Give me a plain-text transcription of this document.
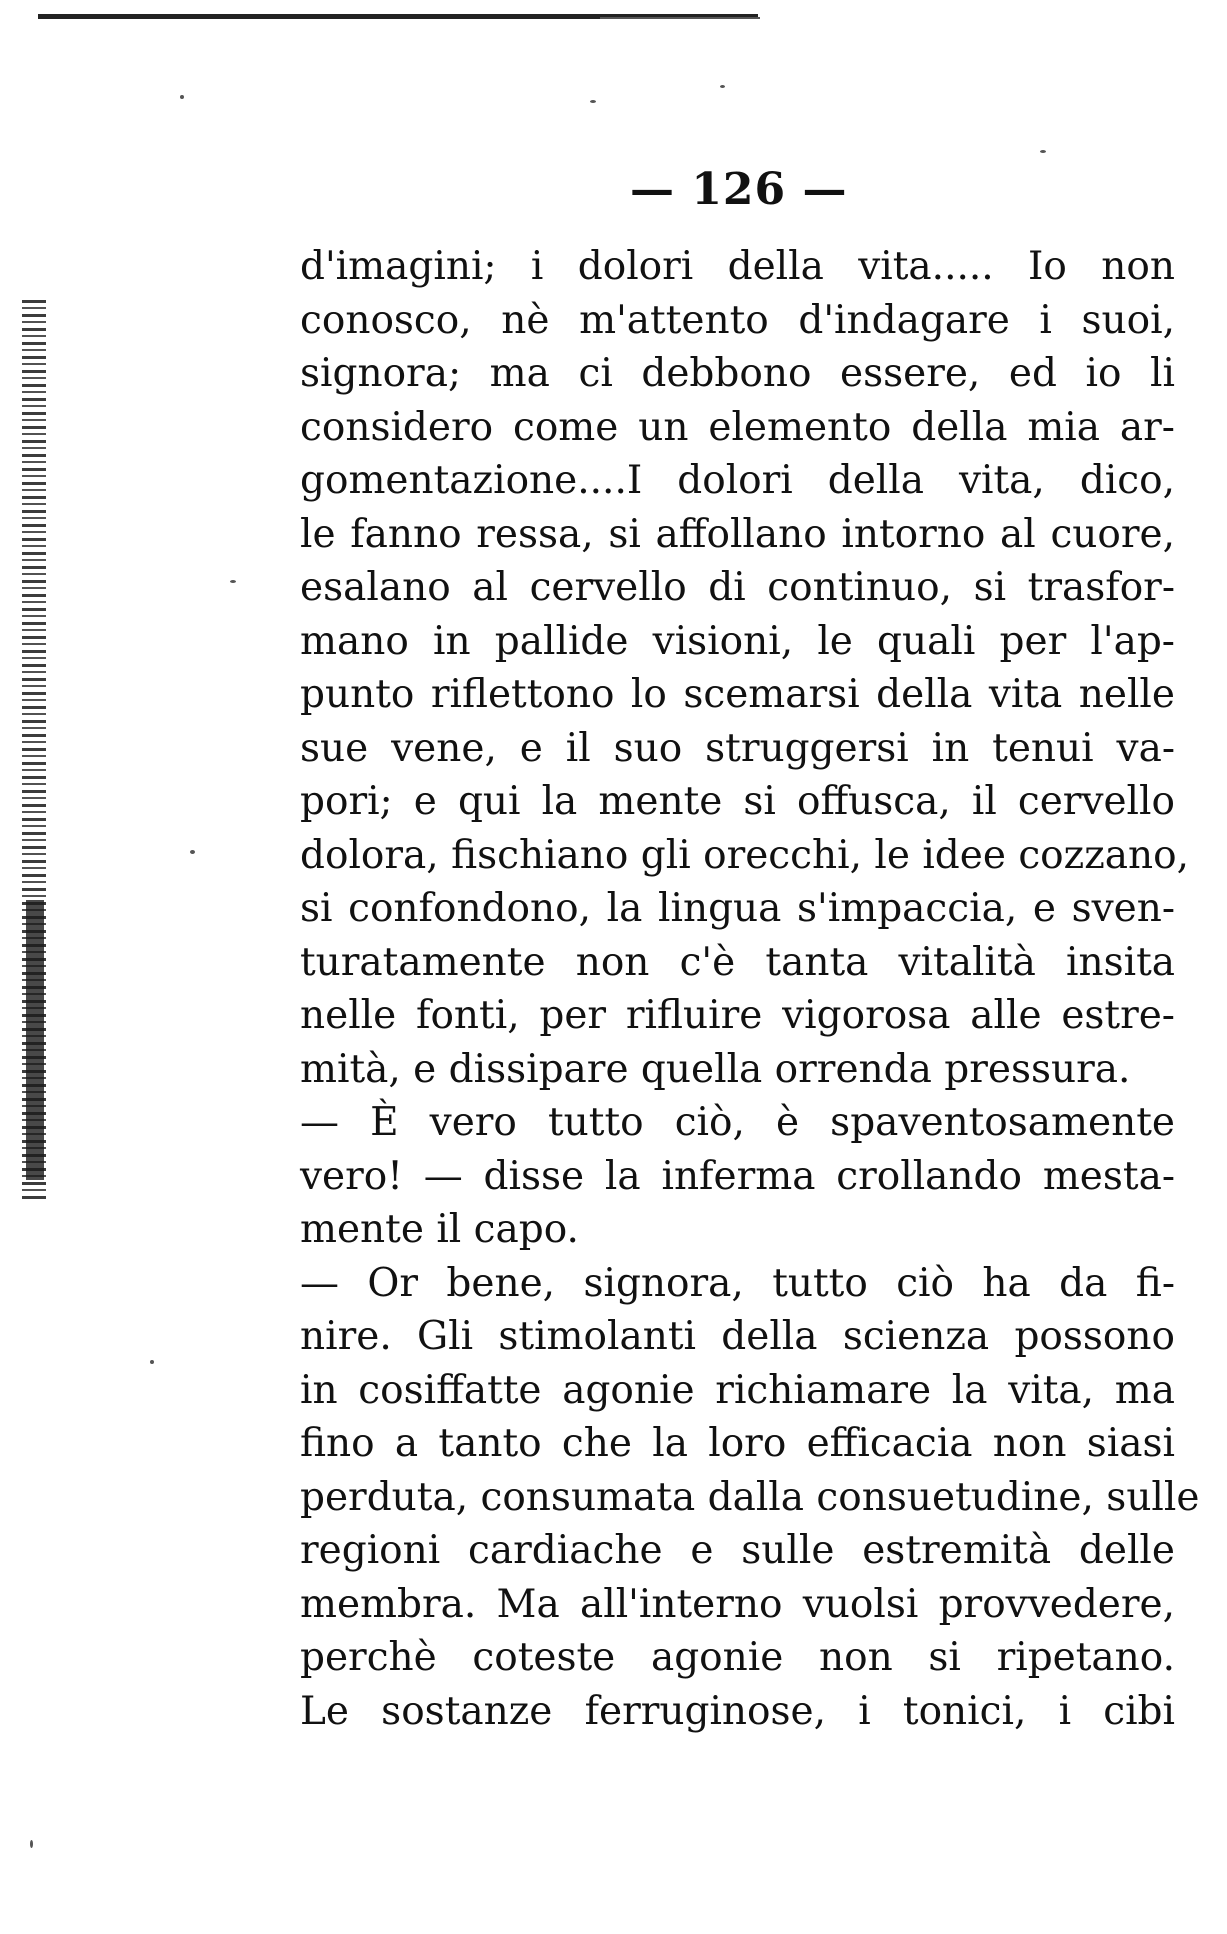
— 126 —
d'imagini; i dolori della vita..... Io non
conosco, nè m'attento d'indagare i suoi,
signora; ma ci debbono essere, ed io li
considero come un elemento della mia ar-
gomentazione....I dolori della vita, dico,
le fanno ressa, si affollano intorno al cuore,
esalano al cervello di continuo, si trasfor-
mano in pallide visioni, le quali per l'ap-
punto riflettono lo scemarsi della vita nelle
sue vene, e il suo struggersi in tenui va-
pori; e qui la mente si offusca, il cervello
dolora, fischiano gli orecchi, le idee cozzano,
si confondono, la lingua s'impaccia, e sven-
turatamente non c'è tanta vitalità insita
nelle fonti, per rifluire vigorosa alle estre-
mità, e dissipare quella orrenda pressura.
— È vero tutto ciò, è spaventosamente
vero! — disse la inferma crollando mesta-
mente il capo.
— Or bene, signora, tutto ciò ha da fi-
nire. Gli stimolanti della scienza possono
in cosiffatte agonie richiamare la vita, ma
fino a tanto che la loro efficacia non siasi
perduta, consumata dalla consuetudine, sulle
regioni cardiache e sulle estremità delle
membra. Ma all'interno vuolsi provvedere,
perchè coteste agonie non si ripetano.
Le sostanze ferruginose, i tonici, i cibi
